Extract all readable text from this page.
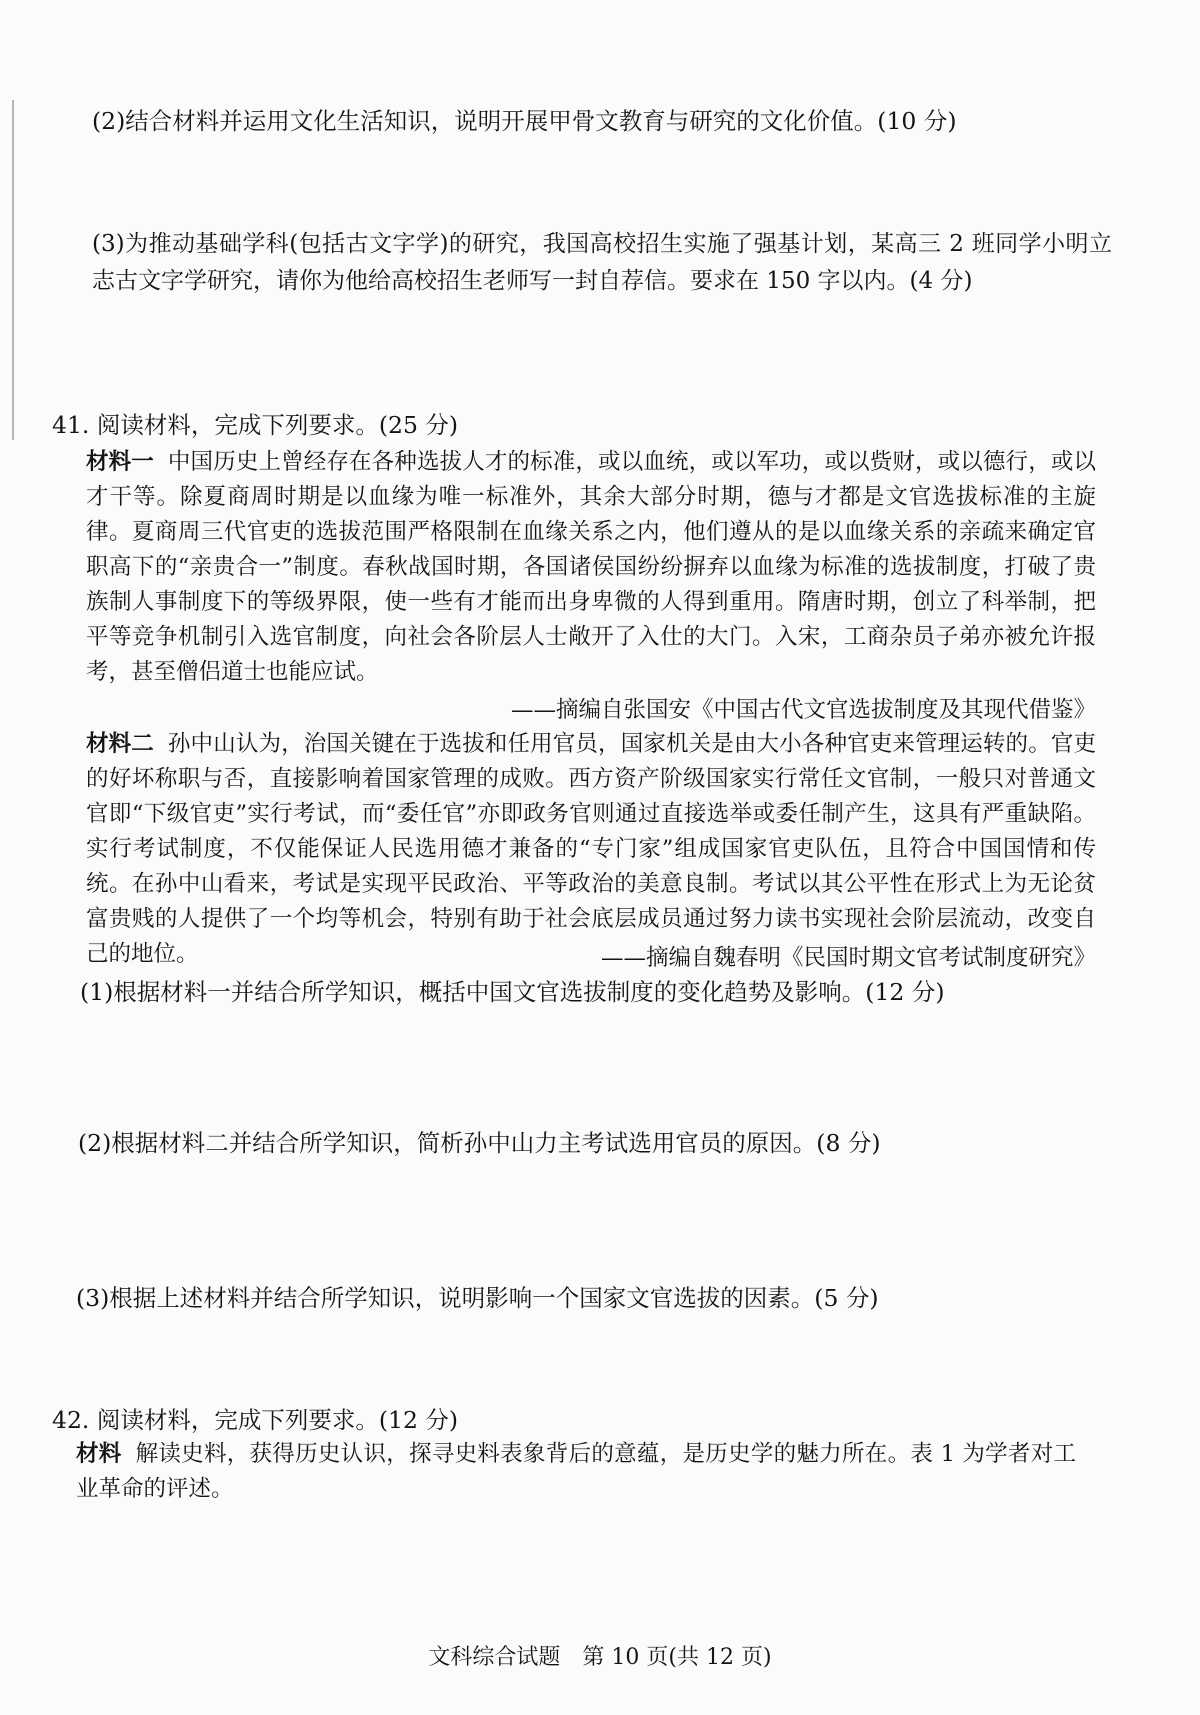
(2)结合材料并运用文化生活知识，说明开展甲骨文教育与研究的文化价值。(10 分)
(3)为推动基础学科(包括古文字学)的研究，我国高校招生实施了强基计划，某高三 2 班同学小明立志古文字学研究，请你为他给高校招生老师写一封自荐信。要求在 150 字以内。(4 分)
41. 阅读材料，完成下列要求。(25 分)
材料一 中国历史上曾经存在各种选拔人才的标准，或以血统，或以军功，或以赀财，或以德行，或以才干等。除夏商周时期是以血缘为唯一标准外，其余大部分时期，德与才都是文官选拔标准的主旋律。夏商周三代官吏的选拔范围严格限制在血缘关系之内，他们遵从的是以血缘关系的亲疏来确定官职高下的“亲贵合一”制度。春秋战国时期，各国诸侯国纷纷摒弃以血缘为标准的选拔制度，打破了贵族制人事制度下的等级界限，使一些有才能而出身卑微的人得到重用。隋唐时期，创立了科举制，把平等竞争机制引入选官制度，向社会各阶层人士敞开了入仕的大门。入宋，工商杂员子弟亦被允许报考，甚至僧侣道士也能应试。
——摘编自张国安《中国古代文官选拔制度及其现代借鉴》
材料二 孙中山认为，治国关键在于选拔和任用官员，国家机关是由大小各种官吏来管理运转的。官吏的好坏称职与否，直接影响着国家管理的成败。西方资产阶级国家实行常任文官制，一般只对普通文官即“下级官吏”实行考试，而“委任官”亦即政务官则通过直接选举或委任制产生，这具有严重缺陷。实行考试制度，不仅能保证人民选用德才兼备的“专门家”组成国家官吏队伍，且符合中国国情和传统。在孙中山看来，考试是实现平民政治、平等政治的美意良制。考试以其公平性在形式上为无论贫富贵贱的人提供了一个均等机会，特别有助于社会底层成员通过努力读书实现社会阶层流动，改变自己的地位。	——摘编自魏春明《民国时期文官考试制度研究》
(1)根据材料一并结合所学知识，概括中国文官选拔制度的变化趋势及影响。(12 分)
(2)根据材料二并结合所学知识，简析孙中山力主考试选用官员的原因。(8 分)
(3)根据上述材料并结合所学知识，说明影响一个国家文官选拔的因素。(5 分)
42. 阅读材料，完成下列要求。(12 分)
材料 解读史料，获得历史认识，探寻史料表象背后的意蕴，是历史学的魅力所在。表 1 为学者对工业革命的评述。
文科综合试题　第 10 页(共 12 页)
